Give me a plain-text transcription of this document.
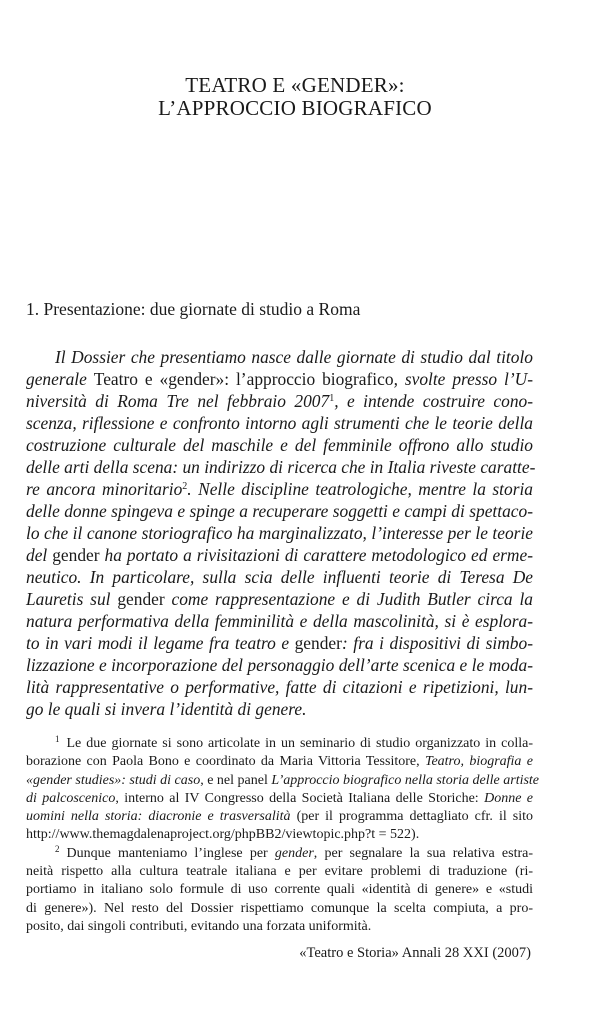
TEATRO E «GENDER»:
L’APPROCCIO BIOGRAFICO
1. Presentazione: due giornate di studio a Roma
Il Dossier che presentiamo nasce dalle giornate di studio dal titolo
generale Teatro e «gender»: l’approccio biografico, svolte presso l’U-
niversità di Roma Tre nel febbraio 2007$^1$, e intende costruire cono-
scenza, riflessione e confronto intorno agli strumenti che le teorie della
costruzione culturale del maschile e del femminile offrono allo studio
delle arti della scena: un indirizzo di ricerca che in Italia riveste caratte-
re ancora minoritario$^2$. Nelle discipline teatrologiche, mentre la storia
delle donne spingeva e spinge a recuperare soggetti e campi di spettaco-
lo che il canone storiografico ha marginalizzato, l’interesse per le teorie
del gender ha portato a rivisitazioni di carattere metodologico ed erme-
neutico. In particolare, sulla scia delle influenti teorie di Teresa De
Lauretis sul gender come rappresentazione e di Judith Butler circa la
natura performativa della femminilità e della mascolinità, si è esplora-
to in vari modi il legame fra teatro e gender: fra i dispositivi di simbo-
lizzazione e incorporazione del personaggio dell’arte scenica e le moda-
lità rappresentative o performative, fatte di citazioni e ripetizioni, lun-
go le quali si invera l’identità di genere.
$^1$ Le due giornate si sono articolate in un seminario di studio organizzato in colla-
borazione con Paola Bono e coordinato da Maria Vittoria Tessitore, Teatro, biografia e
«gender studies»: studi di caso, e nel panel L’approccio biografico nella storia delle artiste
di palcoscenico, interno al IV Congresso della Società Italiana delle Storiche: Donne e
uomini nella storia: diacronie e trasversalità (per il programma dettagliato cfr. il sito
http://www.themagdalenaproject.org/phpBB2/viewtopic.php?t = 522).
$^2$ Dunque manteniamo l’inglese per gender, per segnalare la sua relativa estra-
neità rispetto alla cultura teatrale italiana e per evitare problemi di traduzione (ri-
portiamo in italiano solo formule di uso corrente quali «identità di genere» e «studi
di genere»). Nel resto del Dossier rispettiamo comunque la scelta compiuta, a pro-
posito, dai singoli contributi, evitando una forzata uniformità.
«Teatro e Storia» Annali 28 XXI (2007)
